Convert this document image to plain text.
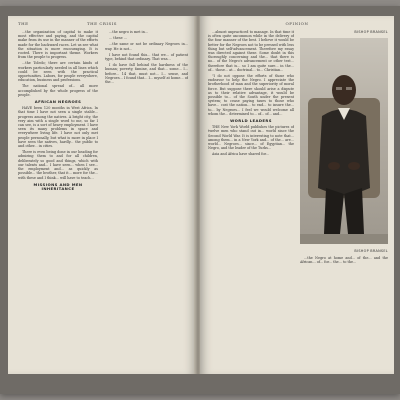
THE	THE CRISIS

...the organization of capital to make it most effective and paying, and the capital make from its use in the manner of the efforts made for the backward races. Let us see what the situation is more encouraging. It is rooted. There is important theme. Workers from the people to progress.

...the Toledo; there are certain kinds of workers particularly needed in all lines which could be seen with the practical opportunities. Labors, for people everywhere, education, business and professions.

The national spread of... all more accomplished by the whole progress of the people.

AFRICAN NEGROES

HAVE been 120 months in West Africa. In that time I have not seen a single stable... progress among the natives. A bright city, the very aim with a single word to me, so far I can see, is a sort of heavy employment. I have seen its many problems in space and everywhere living life. I have not only met people personally, but what is more in place I have seen the natives, hardly... the public to and other... in cities.

There is even being done in our heading for admiring them to and for all children, deliberately so good and things, which with our talents and... I have seen... when I see... the employment and... as quickly as possible... the brother, that it... more for the... with these and I think... will have to teach...

MISSIONS AND MEN INHERITANCE

...the negro is met in...

... these ...

...the same or not be ordinary Negroes in... way. He is not...

I have not found this... that we... of patient type, behind that ordinary. That was...

I do have fall behind the hardness of the human; poverty, famine, and that... some... I... before... 14 that, must not... I... sense, and Negroes... I found that... I... myself at home... of the...

OPINION

...almost unpracticed to manage. In that time it is often quite uncommon while in the delivery of the four manner of the best. I believe it would be better for the Negroes not to be pressed with less thing but self-advancement. Therefore my essay was directed against these. Some doubt in this thoroughly concerning and the... that there is no... of the Negro's advancement or other test... therefore that is... so I am quite sure... in the... of... those... at... doctrinal... to... Christian...

"I do not oppose the efforts of those who endeavor to help the Negro. I appreciate the brotherhood of man and the superiority of moral force. But suppose there should arise a dispute as to their relative advantage, it would be possible to... of the South under the present system; to cease paying taxes to those who have... cost the nation... to end... to insure the... to... by Negroes... I feel we would welcome all whom the... determined to... of... of... and...

WORLD LEADERS

THE New York World publishes the pictures of twelve men who stand out in... world since the Second World War. It is interesting to note that... among them... in a New York and... of the... are... world... Negroes... since... of Egyptian... the Negro, and the leader of the Turks...

Asia and Africa have shared for...

BISHOP BRANSEL
BISHOP BRANSEL

...the Negro at home and... of the... and the African... of... for... the... to the...
